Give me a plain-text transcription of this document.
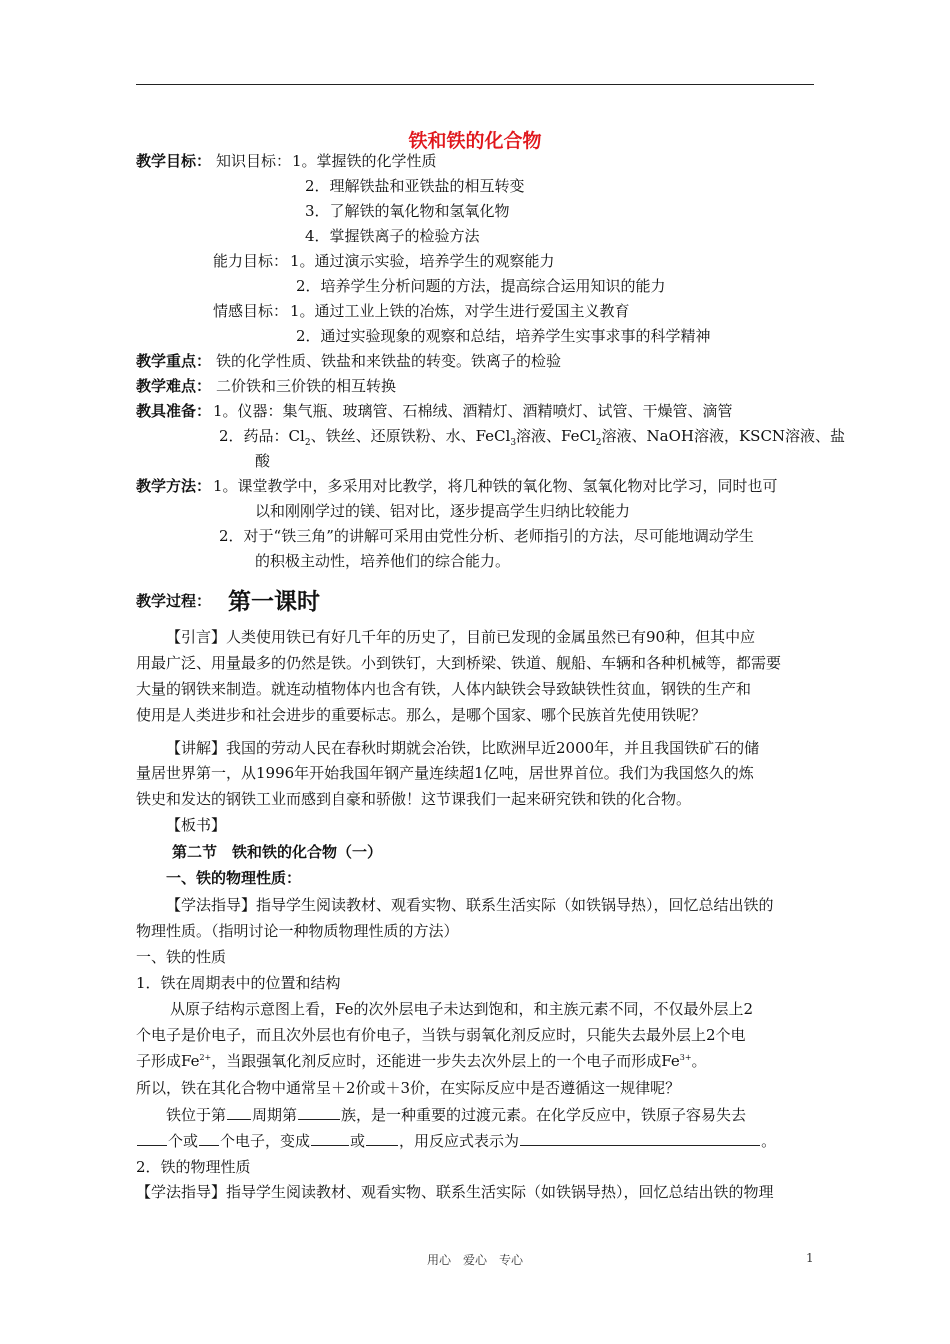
铁和铁的化合物
教学目标： 知识目标： 1。掌握铁的化学性质
2．理解铁盐和亚铁盐的相互转变
3．了解铁的氧化物和氢氧化物
4．掌握铁离子的检验方法
能力目标： 1。通过演示实验，培养学生的观察能力
2．培养学生分析问题的方法，提高综合运用知识的能力
情感目标： 1。通过工业上铁的冶炼，对学生进行爱国主义教育
2．通过实验现象的观察和总结，培养学生实事求事的科学精神
教学重点： 铁的化学性质、铁盐和来铁盐的转变。铁离子的检验
教学难点： 二价铁和三价铁的相互转换
教具准备： 1。仪器：集气瓶、玻璃管、石棉绒、酒精灯、酒精喷灯、试管、干燥管、滴管
2．药品：$Cl_2$、铁丝、还原铁粉、水、FeCl$_3$溶液、FeCl$_2$溶液、NaOH溶液，KSCN溶液、盐
酸
教学方法： 1。课堂教学中，多采用对比教学，将几种铁的氧化物、氢氧化物对比学习，同时也可
以和刚刚学过的镁、铝对比，逐步提高学生归纳比较能力
2．对于“铁三角”的讲解可采用由党性分析、老师指引的方法，尽可能地调动学生
的积极主动性，培养他们的综合能力。
教学过程： 第一课时
【引言】人类使用铁已有好几千年的历史了，目前已发现的金属虽然已有90种，但其中应
用最广泛、用量最多的仍然是铁。小到铁钉，大到桥梁、铁道、舰船、车辆和各种机械等，都需要
大量的钢铁来制造。就连动植物体内也含有铁，人体内缺铁会导致缺铁性贫血，钢铁的生产和
使用是人类进步和社会进步的重要标志。那么，是哪个国家、哪个民族首先使用铁呢？
【讲解】我国的劳动人民在春秋时期就会冶铁，比欧洲早近2000年，并且我国铁矿石的储
量居世界第一，从1996年开始我国年钢产量连续超1亿吨，居世界首位。我们为我国悠久的炼
铁史和发达的钢铁工业而感到自豪和骄傲！这节课我们一起来研究铁和铁的化合物。
【板书】
第二节　铁和铁的化合物（一）
一、铁的物理性质：
【学法指导】指导学生阅读教材、观看实物、联系生活实际（如铁锅导热），回忆总结出铁的
物理性质。（指明讨论一种物质物理性质的方法）
一、铁的性质
1．铁在周期表中的位置和结构
从原子结构示意图上看，Fe的次外层电子未达到饱和，和主族元素不同，不仅最外层上2
个电子是价电子，而且次外层也有价电子，当铁与弱氧化剂反应时，只能失去最外层上2个电
子形成$Fe^{2+}$，当跟强氧化剂反应时，还能进一步失去次外层上的一个电子而形成$Fe^{3+}$。
所以，铁在其化合物中通常呈＋2价或＋3价，在实际反应中是否遵循这一规律呢？
铁位于第 周期第	族，是一种重要的过渡元素。在化学反应中，铁原子容易失去
个或 个电子，变成	或 ，用反应式表示为	。
2．铁的物理性质
【学法指导】指导学生阅读教材、观看实物、联系生活实际（如铁锅导热），回忆总结出铁的物理
用心　爱心　专心	1
